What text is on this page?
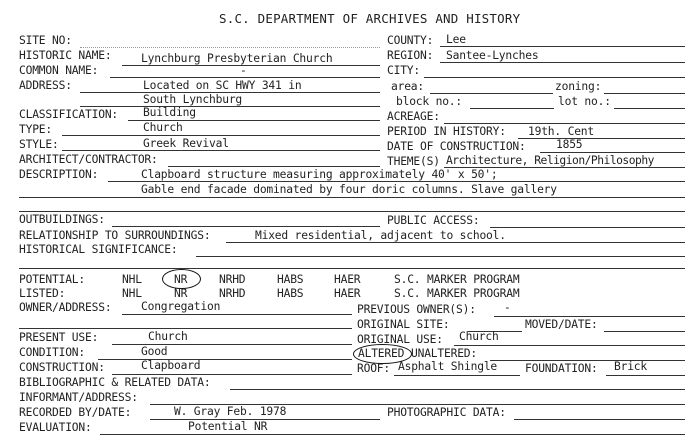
S.C. DEPARTMENT OF ARCHIVES AND HISTORY
SITE NO:
HISTORIC NAME:	Lynchburg Presbyterian Church
COMMON NAME:	-
ADDRESS:	Located on SC HWY 341 in
South Lynchburg
CLASSIFICATION: Building
TYPE:	Church
STYLE:	Greek Revival
ARCHITECT/CONTRACTOR:
COUNTY: Lee
REGION: Santee-Lynches
CITY:
area:	zoning:
block no.:	lot no.:
ACREAGE:
PERIOD IN HISTORY: 19th. Cent
DATE OF CONSTRUCTION:	1855
THEME(S) Architecture, Religion/Philosophy
DESCRIPTION:	Clapboard structure measuring approximately 40' x 50';
Gable end facade dominated by four doric columns. Slave gallery
OUTBUILDINGS:	PUBLIC ACCESS:
RELATIONSHIP TO SURROUNDINGS:	Mixed residential, adjacent to school.
HISTORICAL SIGNIFICANCE:
POTENTIAL:	NHL	NR	NRHD	HABS	HAER	S.C. MARKER PROGRAM
LISTED:	NHL	NR	NRHD	HABS	HAER	S.C. MARKER PROGRAM
OWNER/ADDRESS:	Congregation	PREVIOUS OWNER(S): -
ORIGINAL SITE:	MOVED/DATE:
PRESENT USE:	Church	ORIGINAL USE: Church
CONDITION:	Good	ALTERED UNALTERED:
CONSTRUCTION:	Clapboard	ROOF: Asphalt Shingle FOUNDATION: Brick
BIBLIOGRAPHIC & RELATED DATA:
INFORMANT/ADDRESS:
RECORDED BY/DATE:	W. Gray Feb. 1978	PHOTOGRAPHIC DATA:
EVALUATION:	Potential NR
